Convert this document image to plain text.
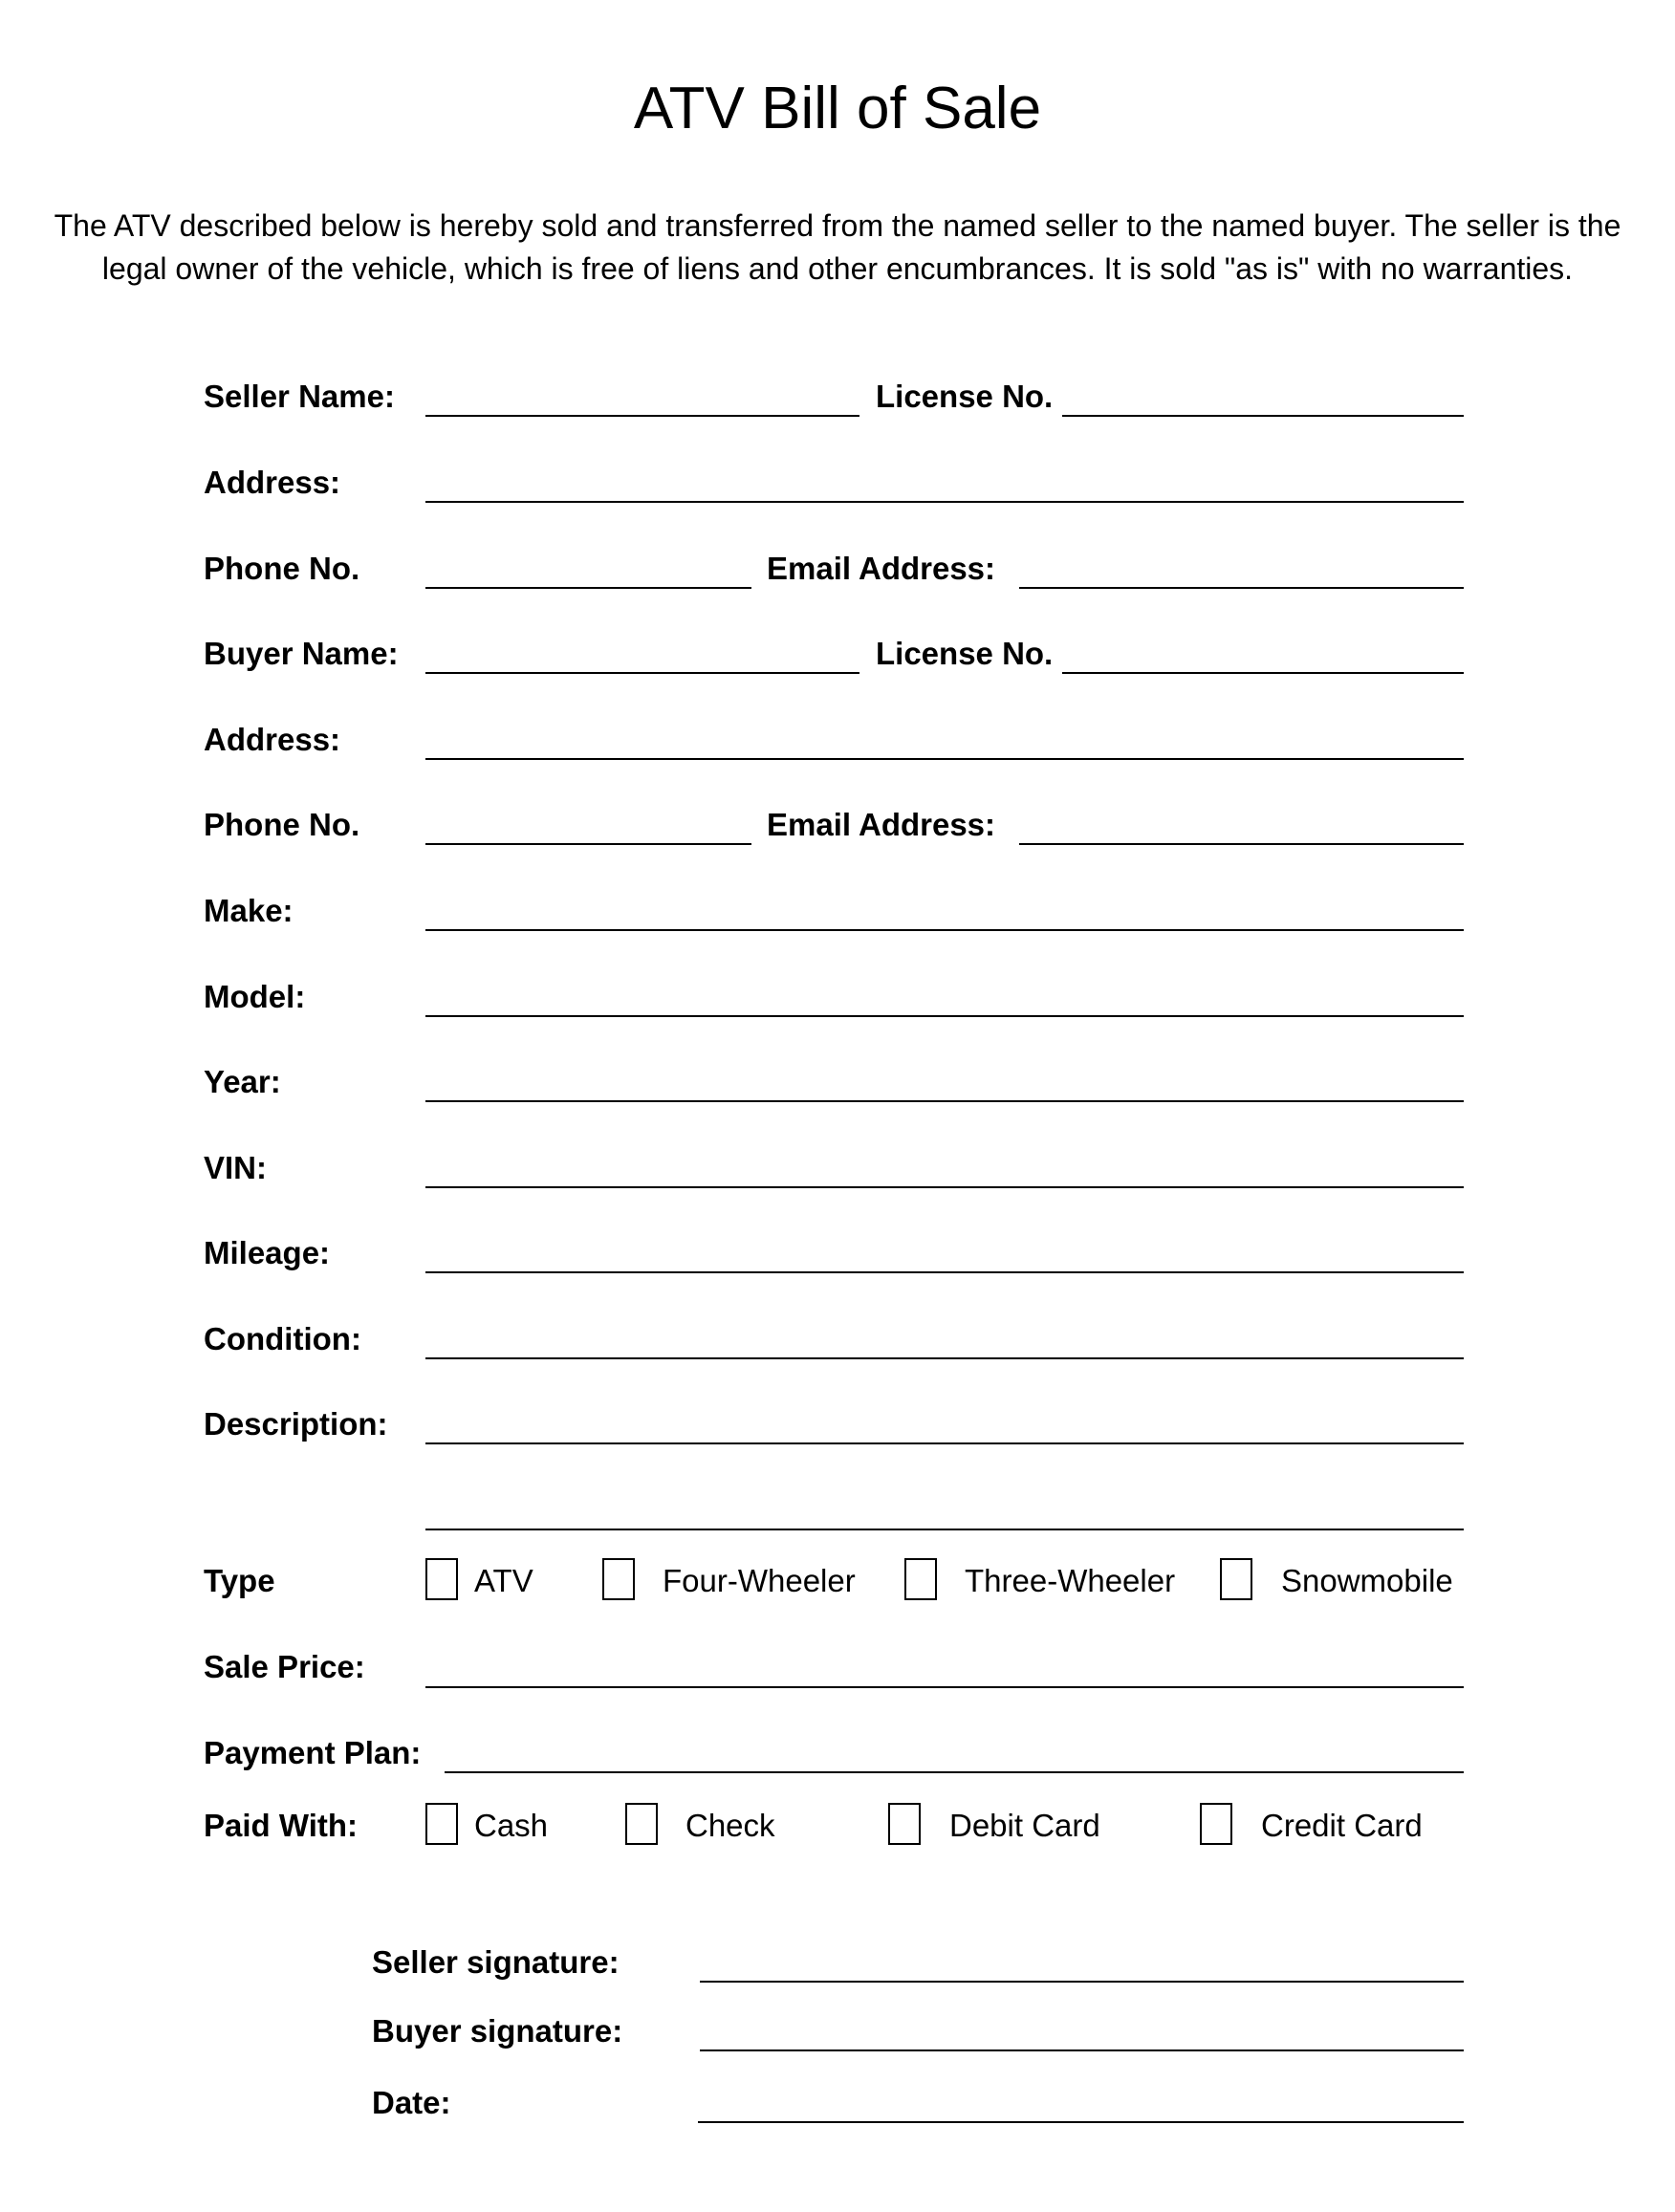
ATV Bill of Sale
The ATV described below is hereby sold and transferred from the named seller to the named buyer. The seller is the legal owner of the vehicle, which is free of liens and other encumbrances. It is sold "as is" with no warranties.
Seller Name:	License No.
Address:
Phone No.	Email Address:
Buyer Name:	License No.
Address:
Phone No.	Email Address:
Make:
Model:
Year:
VIN:
Mileage:
Condition:
Description:
Type	ATV	Four-Wheeler	Three-Wheeler	Snowmobile
Sale Price:
Payment Plan:
Paid With:	Cash	Check	Debit Card	Credit Card
Seller signature:
Buyer signature:
Date:
